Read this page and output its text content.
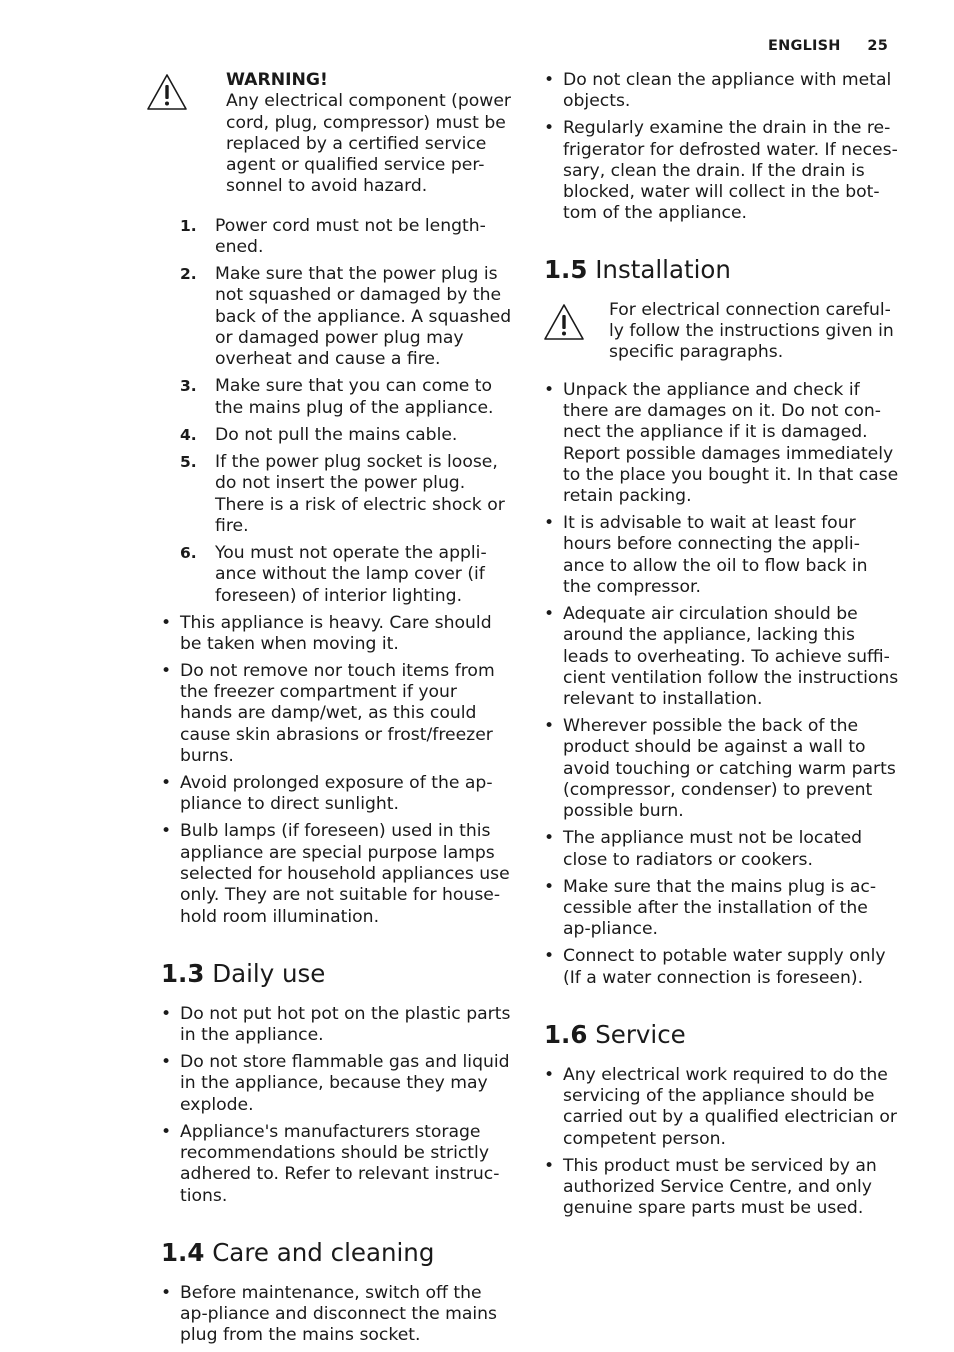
ENGLISH 25
WARNING!
Any electrical component (power cord, plug, compressor) must be replaced by a certified service agent or qualified service per-sonnel to avoid hazard.
1. Power cord must not be length-ened.
2. Make sure that the power plug is not squashed or damaged by the back of the appliance. A squashed or damaged power plug may overheat and cause a fire.
3. Make sure that you can come to the mains plug of the appliance.
4. Do not pull the mains cable.
5. If the power plug socket is loose, do not insert the power plug. There is a risk of electric shock or fire.
6. You must not operate the appli-ance without the lamp cover (if foreseen) of interior lighting.
• This appliance is heavy. Care should be taken when moving it.
• Do not remove nor touch items from the freezer compartment if your hands are damp/wet, as this could cause skin abrasions or frost/freezer burns.
• Avoid prolonged exposure of the ap-pliance to direct sunlight.
• Bulb lamps (if foreseen) used in this appliance are special purpose lamps selected for household appliances use only. They are not suitable for house-hold room illumination.
1.3 Daily use
• Do not put hot pot on the plastic parts in the appliance.
• Do not store flammable gas and liquid in the appliance, because they may explode.
• Appliance's manufacturers storage recommendations should be strictly adhered to. Refer to relevant instruc-tions.
1.4 Care and cleaning
• Before maintenance, switch off the ap-pliance and disconnect the mains plug from the mains socket.
• Do not clean the appliance with metal objects.
• Regularly examine the drain in the re-frigerator for defrosted water. If neces-sary, clean the drain. If the drain is blocked, water will collect in the bot-tom of the appliance.
1.5 Installation
For electrical connection careful-ly follow the instructions given in specific paragraphs.
• Unpack the appliance and check if there are damages on it. Do not con-nect the appliance if it is damaged. Report possible damages immediately to the place you bought it. In that case retain packing.
• It is advisable to wait at least four hours before connecting the appli-ance to allow the oil to flow back in the compressor.
• Adequate air circulation should be around the appliance, lacking this leads to overheating. To achieve suffi-cient ventilation follow the instructions relevant to installation.
• Wherever possible the back of the product should be against a wall to avoid touching or catching warm parts (compressor, condenser) to prevent possible burn.
• The appliance must not be located close to radiators or cookers.
• Make sure that the mains plug is ac-cessible after the installation of the ap-pliance.
• Connect to potable water supply only (If a water connection is foreseen).
1.6 Service
• Any electrical work required to do the servicing of the appliance should be carried out by a qualified electrician or competent person.
• This product must be serviced by an authorized Service Centre, and only genuine spare parts must be used.
